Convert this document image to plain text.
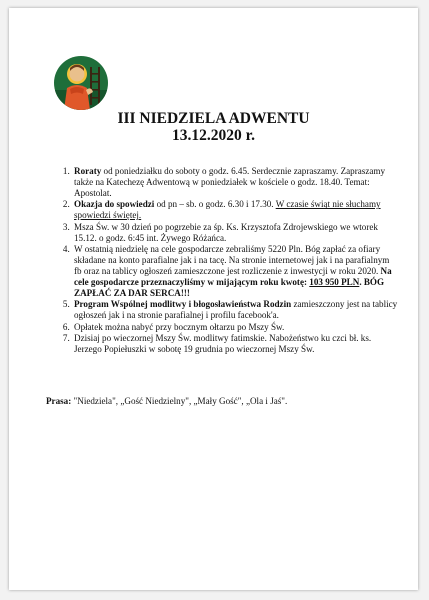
III NIEDZIELA ADWENTU
13.12.2020 r.
1. Roraty od poniedziałku do soboty o godz. 6.45. Serdecznie zapraszamy. Zapraszamy także na Katechezę Adwentową w poniedziałek w kościele o godz. 18.40. Temat: Apostolat.
2. Okazja do spowiedzi od pn – sb. o godz. 6.30 i 17.30. W czasie świąt nie słuchamy spowiedzi świętej.
3. Msza Św. w 30 dzień po pogrzebie za śp. Ks. Krzysztofa Zdrojewskiego we wtorek 15.12. o godz. 6:45 int. Żywego Różańca.
4. W ostatnią niedzielę na cele gospodarcze zebraliśmy 5220 Pln. Bóg zapłać za ofiary składane na konto parafialne jak i na tacę. Na stronie internetowej jak i na parafialnym fb oraz na tablicy ogłoszeń zamieszczone jest rozliczenie z inwestycji w roku 2020. Na cele gospodarcze przeznaczyliśmy w mijającym roku kwotę: 103 950 PLN. BÓG ZAPŁAĆ ZA DAR SERCA!!!
5. Program Wspólnej modlitwy i błogosławieństwa Rodzin zamieszczony jest na tablicy ogłoszeń jak i na stronie parafialnej i profilu facebook'a.
6. Opłatek można nabyć przy bocznym ołtarzu po Mszy Św.
7. Dzisiaj po wieczornej Mszy Św. modlitwy fatimskie. Nabożeństwo ku czci bł. ks. Jerzego Popiełuszki w sobotę 19 grudnia po wieczornej Mszy Św.
Prasa: "Niedziela", „Gość Niedzielny", „Mały Gość", „Ola i Jaś".
